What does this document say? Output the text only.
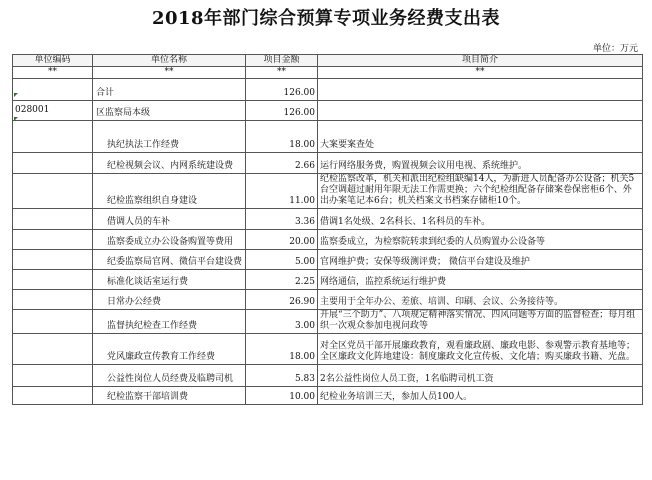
2018年部门综合预算专项业务经费支出表
单位：万元
单位编码	单位名称	项目金额	项目简介
**	**	**	**
	合计	126.00	

028001	区监察局本级	126.00	

	执纪执法工作经费	18.00	大案要案查处

	纪检视频会议、内网系统建设费	2.66	运行网络服务费，购置视频会议用电视、系统维护。

	纪检监察组织自身建设	11.00	纪检监察改革，机关和派出纪检组缺编14人，为新进人员配备办公设备；机关5台空调超过耐用年限无法工作需更换；六个纪检组配备存储案卷保密柜6个、外出办案笔记本6台；机关档案文书档案存储柜10个。

	借调人员的车补	3.36	借调1名处级、2名科长、1名科员的车补。

	监察委成立办公设备购置等费用	20.00	监察委成立，为检察院转隶到纪委的人员购置办公设备等

	纪委监察局官网、微信平台建设费	5.00	官网维护费；安保等级测评费； 微信平台建设及维护

	标准化谈话室运行费	2.25	网络通信，监控系统运行维护费

	日常办公经费	26.90	主要用于全年办公、差旅、培训、印刷、会议、公务接待等。

	监督执纪检查工作经费	3.00	开展“三个助力”、八项规定精神落实情况、四风问题等方面的监督检查；每月组织一次观众参加电视问政等

	党风廉政宣传教育工作经费	18.00	对全区党员干部开展廉政教育，观看廉政剧、廉政电影、参观警示教育基地等；全区廉政文化阵地建设：制度廉政文化宣传板、文化墙；购买廉政书籍、光盘。

	公益性岗位人员经费及临聘司机	5.83	2名公益性岗位人员工资，1名临聘司机工资

	纪检监察干部培训费	10.00	纪检业务培训三天，参加人员100人。
